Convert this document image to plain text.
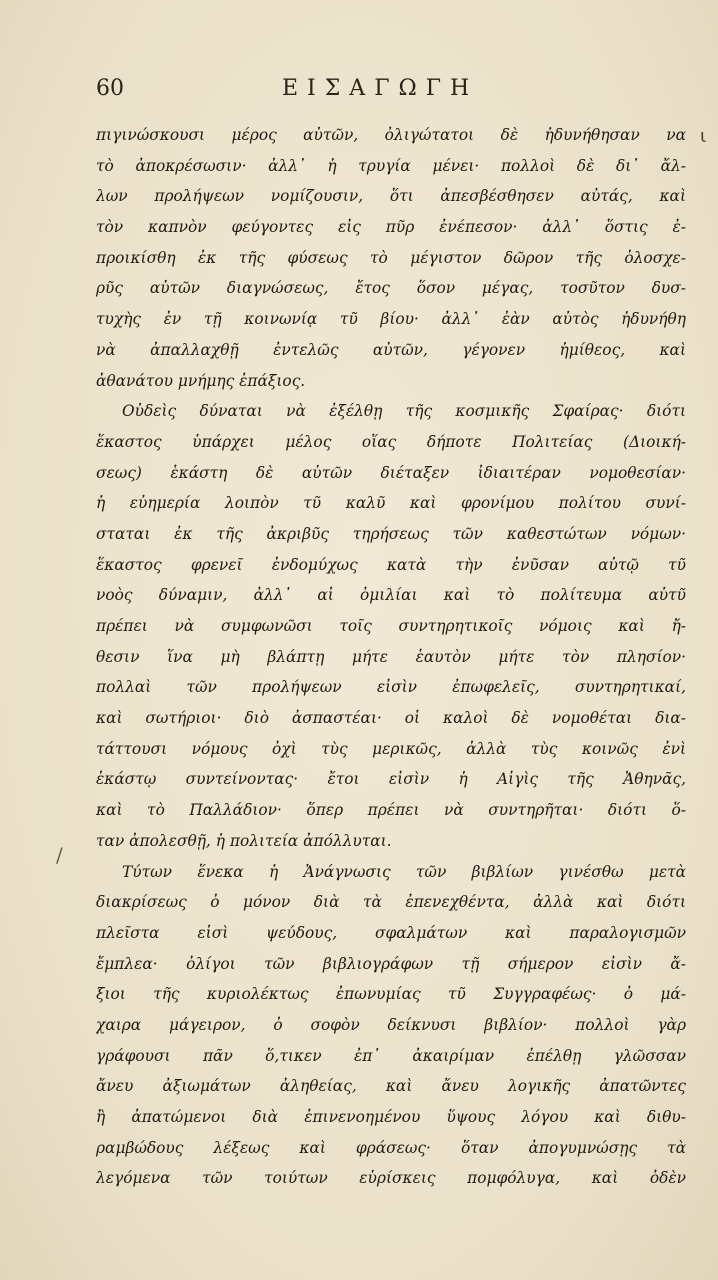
60	ΕΙΣΑΓΩΓΗ
ι
/
πιγινώσκουσι μέρος αὐτῶν, ὀλιγώτατοι δὲ ἠδυνήθησαν να
τὸ ἀποκρέσωσιν· ἀλλ᾽ ἡ τρυγία μένει· πολλοὶ δὲ δι᾽ ἄλ-
λων προλήψεων νομίζουσιν, ὅτι ἀπεσβέσθησεν αὐτάς, καὶ
τὸν καπνὸν φεύγοντες εἰς πῦρ ἐνέπεσον· ἀλλ᾽ ὅστις ἐ-
προικίσθη ἐκ τῆς φύσεως τὸ μέγιστον δῶρον τῆς ὁλοσχε-
ρῦς αὐτῶν διαγνώσεως, ἔτος ὅσον μέγας, τοσῦτον δυσ-
τυχὴς ἐν τῇ κοινωνίᾳ τῦ βίου· ἀλλ᾽ ἐὰν αὐτὸς ἠδυνήθη
νὰ ἀπαλλαχθῇ ἐντελῶς αὐτῶν, γέγονεν ἡμίθεος, καὶ
ἀθανάτου μνήμης ἐπάξιος.
Οὐδεὶς δύναται νὰ ἐξέλθῃ τῆς κοσμικῆς Σφαίρας· διότι
ἕκαστος ὑπάρχει μέλος οἵας δήποτε Πολιτείας (Διοική-
σεως) ἑκάστη δὲ αὐτῶν διέταξεν ἰδιαιτέραν νομοθεσίαν·
ἡ εὐημερία λοιπὸν τῦ καλῦ καὶ φρονίμου πολίτου συνί-
σταται ἐκ τῆς ἀκριβῦς τηρήσεως τῶν καθεστώτων νόμων·
ἕκαστος φρενεῖ ἐνδομύχως κατὰ τὴν ἐνῦσαν αὐτῷ τῦ
νοὸς δύναμιν, ἀλλ᾽ αἱ ὁμιλίαι καὶ τὸ πολίτευμα αὐτῦ
πρέπει νὰ συμφωνῶσι τοῖς συντηρητικοῖς νόμοις καὶ ἤ-
θεσιν ἵνα μὴ βλάπτῃ μήτε ἑαυτὸν μήτε τὸν πλησίον·
πολλαὶ τῶν προλήψεων εἰσὶν ἐπωφελεῖς, συντηρητικαί,
καὶ σωτήριοι· διὸ ἀσπαστέαι· οἱ καλοὶ δὲ νομοθέται δια-
τάττουσι νόμους ὀχὶ τὺς μερικῶς, ἀλλὰ τὺς κοινῶς ἐνὶ
ἑκάστῳ συντείνοντας· ἔτοι εἰσὶν ἡ Αἰγὶς τῆς Ἀθηνᾶς,
καὶ τὸ Παλλάδιον· ὅπερ πρέπει νὰ συντηρῆται· διότι ὅ-
ταν ἀπολεσθῇ, ἡ πολιτεία ἀπόλλυται.
Τύτων ἕνεκα ἡ Ἀνάγνωσις τῶν βιβλίων γινέσθω μετὰ
διακρίσεως ὀ μόνον διὰ τὰ ἐπενεχθέντα, ἀλλὰ καὶ διότι
πλεῖστα εἰσὶ ψεύδους, σφαλμάτων καὶ παραλογισμῶν
ἔμπλεα· ὀλίγοι τῶν βιβλιογράφων τῇ σήμερον εἰσὶν ἄ-
ξιοι τῆς κυριολέκτως ἐπωνυμίας τῦ Συγγραφέως· ὀ μά-
χαιρα μάγειρον, ὀ σοφὸν δείκνυσι βιβλίον· πολλοὶ γὰρ
γράφουσι πᾶν ὅ,τικεν ἐπ᾽ ἀκαιρίμαν ἐπέλθῃ γλῶσσαν
ἄνευ ἀξιωμάτων ἀληθείας, καὶ ἄνευ λογικῆς ἀπατῶντες
ἢ ἀπατώμενοι διὰ ἐπινενοημένου ὕψους λόγου καὶ διθυ-
ραμβώδους λέξεως καὶ φράσεως· ὅταν ἀπογυμνώσῃς τὰ
λεγόμενα τῶν τοιύτων εὑρίσκεις πομφόλυγα, καὶ ὀδὲν
